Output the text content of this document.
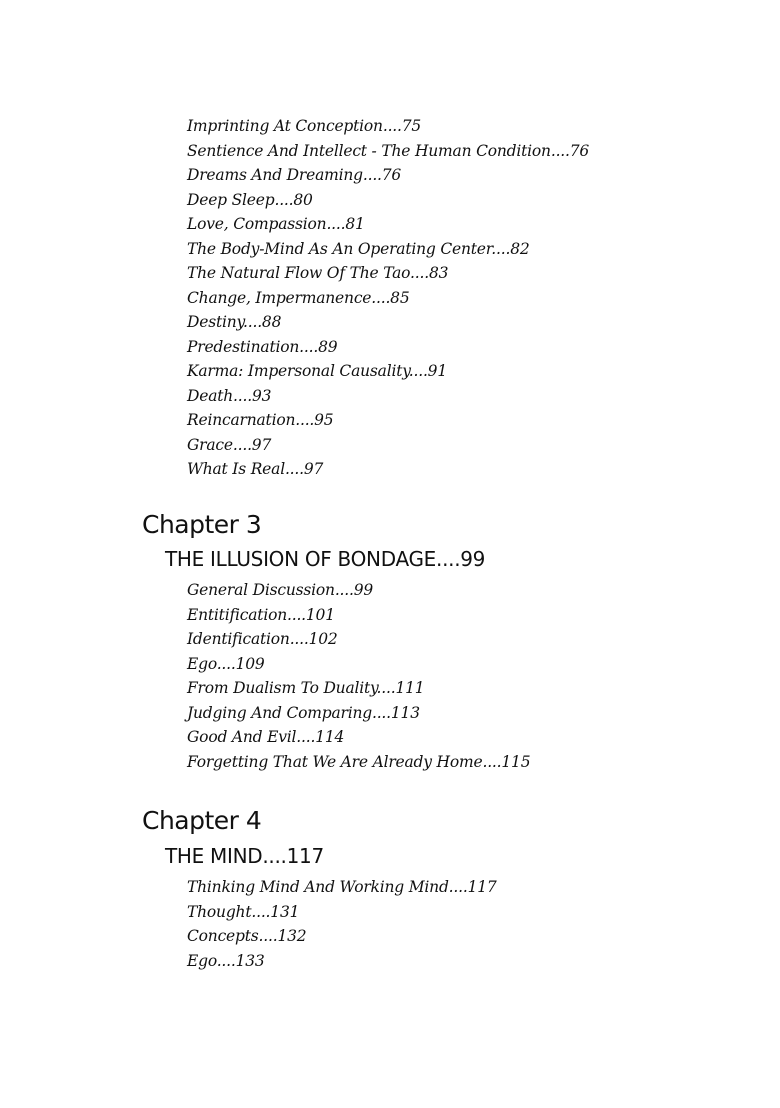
Imprinting At Conception....75
Sentience And Intellect - The Human Condition....76
Dreams And Dreaming....76
Deep Sleep....80
Love, Compassion....81
The Body-Mind As An Operating Center....82
The Natural Flow Of The Tao....83
Change, Impermanence....85
Destiny....88
Predestination....89
Karma: Impersonal Causality....91
Death....93
Reincarnation....95
Grace....97
What Is Real....97
Chapter 3
THE ILLUSION OF BONDAGE....99
General Discussion....99
Entitification....101
Identification....102
Ego....109
From Dualism To Duality....111
Judging And Comparing....113
Good And Evil....114
Forgetting That We Are Already Home....115
Chapter 4
THE MIND....117
Thinking Mind And Working Mind....117
Thought....131
Concepts....132
Ego....133
